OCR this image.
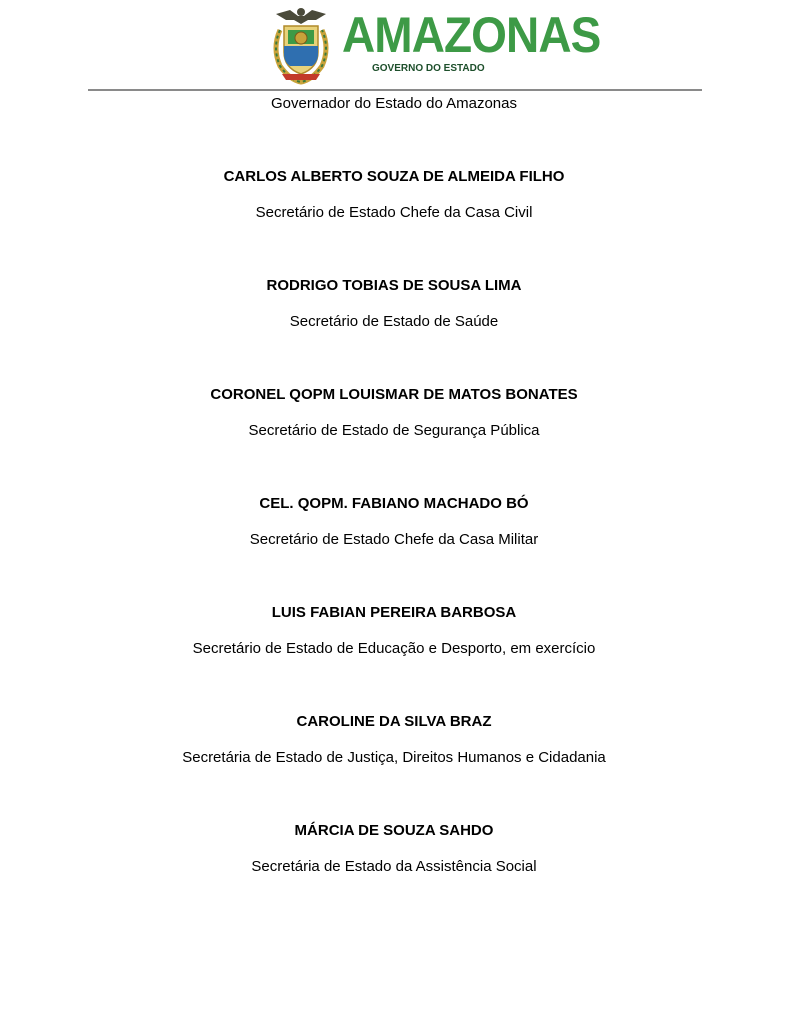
AMAZONAS
GOVERNO DO ESTADO

Governador do Estado do Amazonas

CARLOS ALBERTO SOUZA DE ALMEIDA FILHO

Secretário de Estado Chefe da Casa Civil

RODRIGO TOBIAS DE SOUSA LIMA

Secretário de Estado de Saúde

CORONEL QOPM LOUISMAR DE MATOS BONATES

Secretário de Estado de Segurança Pública

CEL. QOPM. FABIANO MACHADO BÓ

Secretário de Estado Chefe da Casa Militar

LUIS FABIAN PEREIRA BARBOSA

Secretário de Estado de Educação e Desporto, em exercício

CAROLINE DA SILVA BRAZ

Secretária de Estado de Justiça, Direitos Humanos e Cidadania

MÁRCIA DE SOUZA SAHDO

Secretária de Estado da Assistência Social
